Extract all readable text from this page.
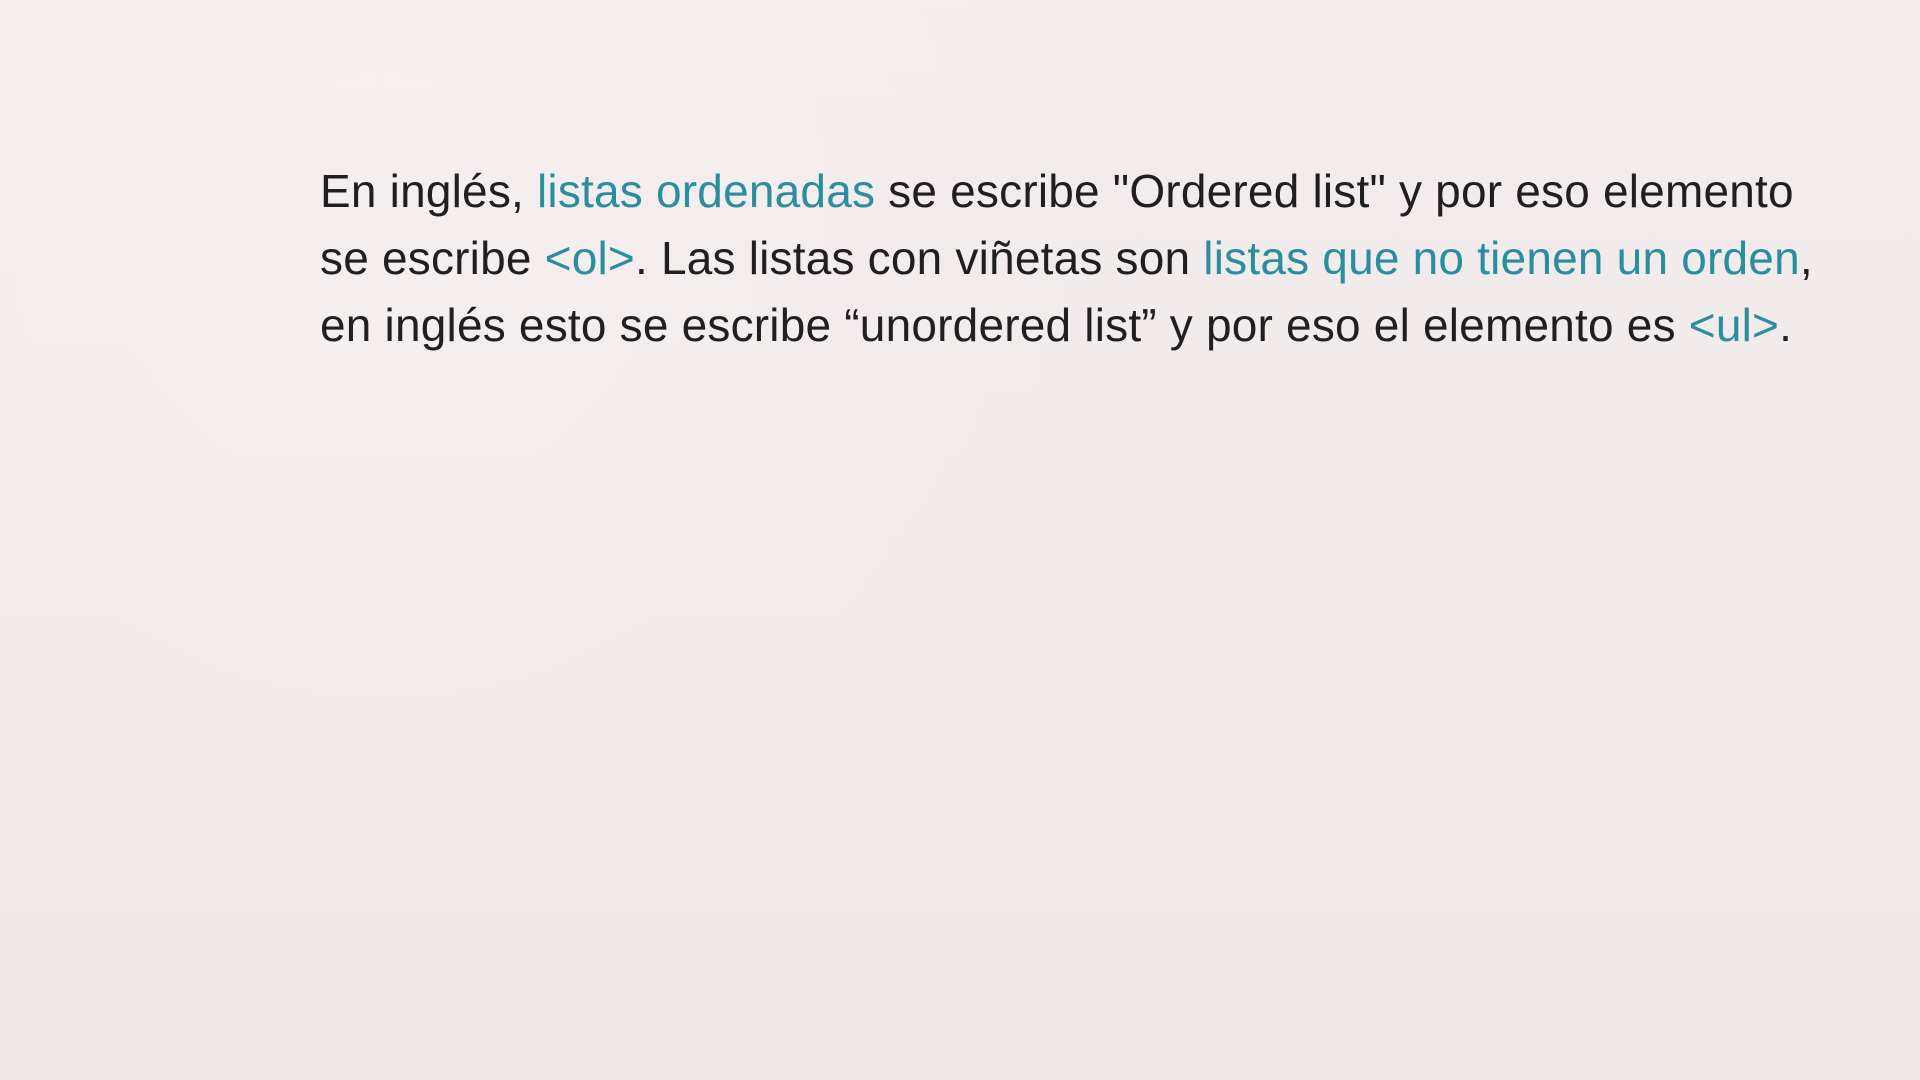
En inglés, listas ordenadas se escribe "Ordered list" y por eso elemento se escribe <ol>. Las listas con viñetas son listas que no tienen un orden, en inglés esto se escribe “unordered list” y por eso el elemento es <ul>.
